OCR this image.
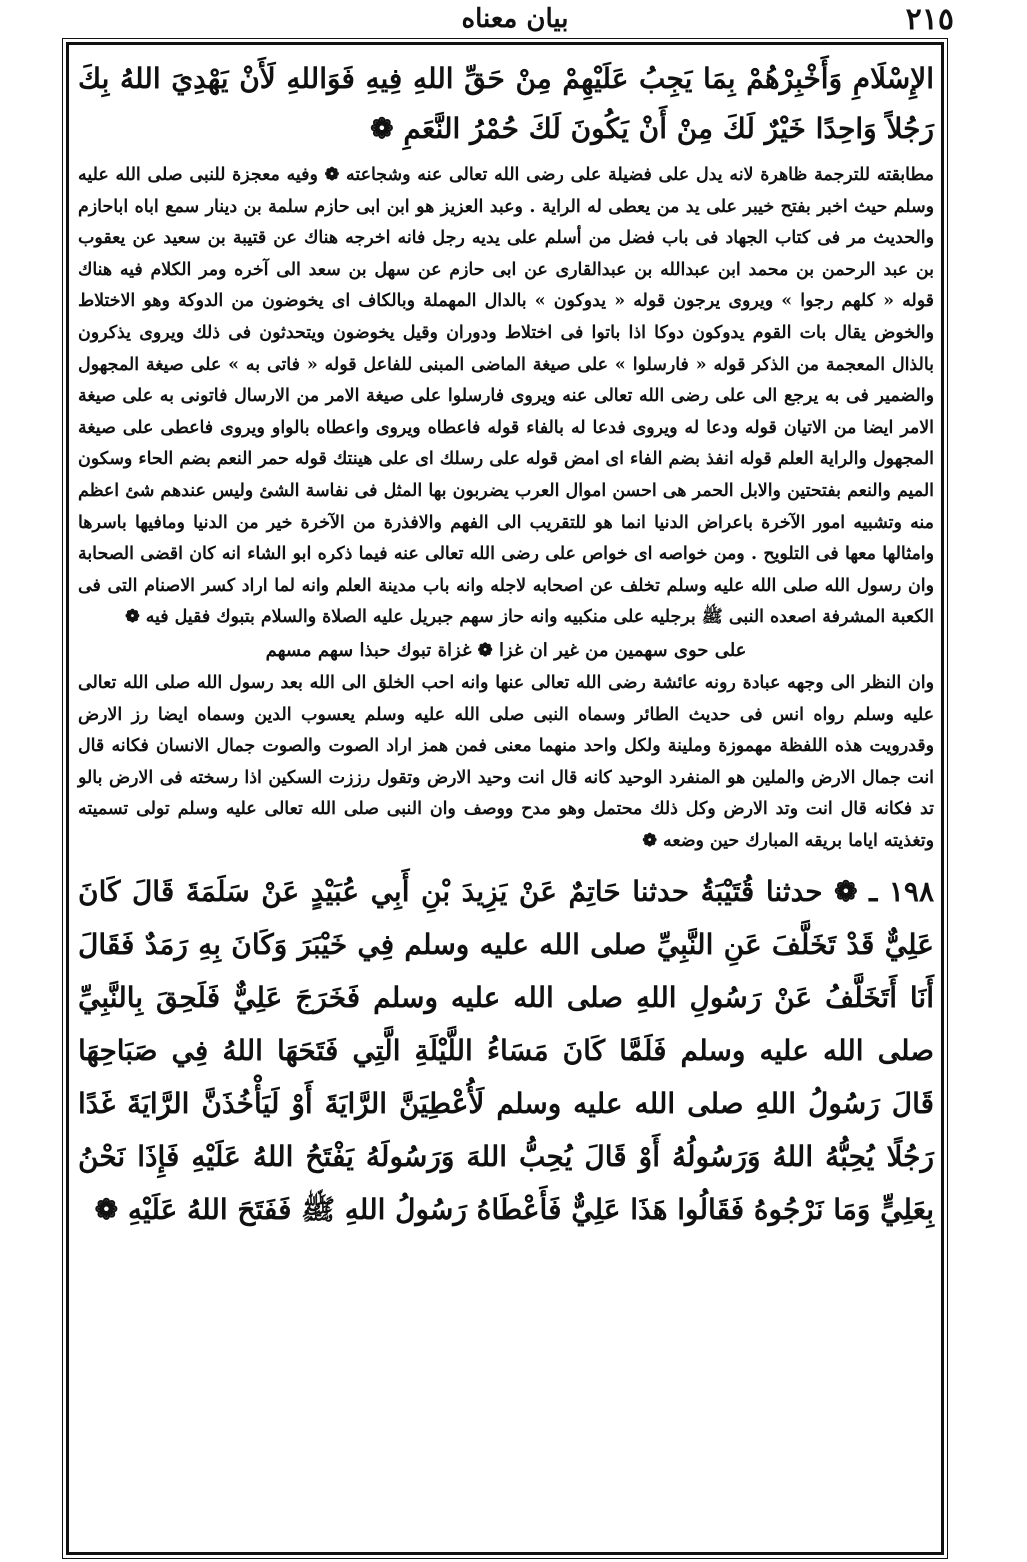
بيان معناه	٢١٥

الإِسْلَامِ وَأَخْبِرْهُمْ بِمَا يَجِبُ عَلَيْهِمْ مِنْ حَقِّ اللهِ فِيهِ فَوَاللهِ لَأَنْ يَهْدِيَ اللهُ بِكَ رَجُلاً وَاحِدًا خَيْرٌ لَكَ مِنْ أَنْ يَكُونَ لَكَ حُمْرُ النَّعَمِ ❁

مطابقته للترجمة ظاهرة لانه يدل على فضيلة على رضى الله تعالى عنه وشجاعته ❁ وفيه معجزة للنبى صلى الله عليه وسلم حيث اخبر بفتح خيبر على يد من يعطى له الراية . وعبد العزيز هو ابن ابى حازم سلمة بن دينار سمع اباه اباحازم والحديث مر فى كتاب الجهاد فى باب فضل من أسلم على يديه رجل فانه اخرجه هناك عن قتيبة بن سعيد عن يعقوب بن عبد الرحمن بن محمد ابن عبدالله بن عبدالقارى عن ابى حازم عن سهل بن سعد الى آخره ومر الكلام فيه هناك قوله « كلهم رجوا » ويروى يرجون قوله « يدوكون » بالدال المهملة وبالكاف اى يخوضون من الدوكة وهو الاختلاط والخوض يقال بات القوم يدوكون دوكا اذا باتوا فى اختلاط ودوران وقيل يخوضون ويتحدثون فى ذلك ويروى يذكرون بالذال المعجمة من الذكر قوله « فارسلوا » على صيغة الماضى المبنى للفاعل قوله « فاتى به » على صيغة المجهول والضمير فى به يرجع الى على رضى الله تعالى عنه ويروى فارسلوا على صيغة الامر من الارسال فاتونى به على صيغة الامر ايضا من الاتيان قوله ودعا له ويروى فدعا له بالفاء قوله فاعطاه ويروى واعطاه بالواو ويروى فاعطى على صيغة المجهول والراية العلم قوله انفذ بضم الفاء اى امض قوله على رسلك اى على هينتك قوله حمر النعم بضم الحاء وسكون الميم والنعم بفتحتين والابل الحمر هى احسن اموال العرب يضربون بها المثل فى نفاسة الشئ وليس عندهم شئ اعظم منه وتشبيه امور الآخرة باعراض الدنيا انما هو للتقريب الى الفهم والافذرة من الآخرة خير من الدنيا ومافيها باسرها وامثالها معها فى التلويح . ومن خواصه اى خواص على رضى الله تعالى عنه فيما ذكره ابو الشاء انه كان اقضى الصحابة وان رسول الله صلى الله عليه وسلم تخلف عن اصحابه لاجله وانه باب مدينة العلم وانه لما اراد كسر الاصنام التى فى الكعبة المشرفة اصعده النبى ﷺ برجليه على منكبيه وانه حاز سهم جبريل عليه الصلاة والسلام بتبوك فقيل فيه ❁

على حوى سهمين من غير ان غزا ❁ غزاة تبوك حبذا سهم مسهم

وان النظر الى وجهه عبادة رونه عائشة رضى الله تعالى عنها وانه احب الخلق الى الله بعد رسول الله صلى الله تعالى عليه وسلم رواه انس فى حديث الطائر وسماه النبى صلى الله عليه وسلم يعسوب الدين وسماه ايضا رز الارض وقدرويت هذه اللفظة مهموزة وملينة ولكل واحد منهما معنى فمن همز اراد الصوت والصوت جمال الانسان فكانه قال انت جمال الارض والملين هو المنفرد الوحيد كانه قال انت وحيد الارض وتقول رززت السكين اذا رسخته فى الارض بالو تد فكانه قال انت وتد الارض وكل ذلك محتمل وهو مدح ووصف وان النبى صلى الله تعالى عليه وسلم تولى تسميته وتغذيته اياما بريقه المبارك حين وضعه ❁

١٩٨ ـ ❁ حدثنا قُتَيْبَةُ حدثنا حَاتِمٌ عَنْ يَزِيدَ بْنِ أَبِي عُبَيْدٍ عَنْ سَلَمَةَ قَالَ كَانَ عَلِيٌّ قَدْ تَخَلَّفَ عَنِ النَّبِيِّ صلى الله عليه وسلم فِي خَيْبَرَ وَكَانَ بِهِ رَمَدٌ فَقَالَ أَنَا أَتَخَلَّفُ عَنْ رَسُولِ اللهِ صلى الله عليه وسلم فَخَرَجَ عَلِيٌّ فَلَحِقَ بِالنَّبِيِّ صلى الله عليه وسلم فَلَمَّا كَانَ مَسَاءُ اللَّيْلَةِ الَّتِي فَتَحَهَا اللهُ فِي صَبَاحِهَا قَالَ رَسُولُ اللهِ صلى الله عليه وسلم لَأُعْطِيَنَّ الرَّايَةَ أَوْ لَيَأْخُذَنَّ الرَّايَةَ غَدًا رَجُلًا يُحِبُّهُ اللهُ وَرَسُولُهُ أَوْ قَالَ يُحِبُّ اللهَ وَرَسُولَهُ يَفْتَحُ اللهُ عَلَيْهِ فَإِذَا نَحْنُ بِعَلِيٍّ وَمَا نَرْجُوهُ فَقَالُوا هَذَا عَلِيٌّ فَأَعْطَاهُ رَسُولُ اللهِ ﷺ فَفَتَحَ اللهُ عَلَيْهِ ❁
